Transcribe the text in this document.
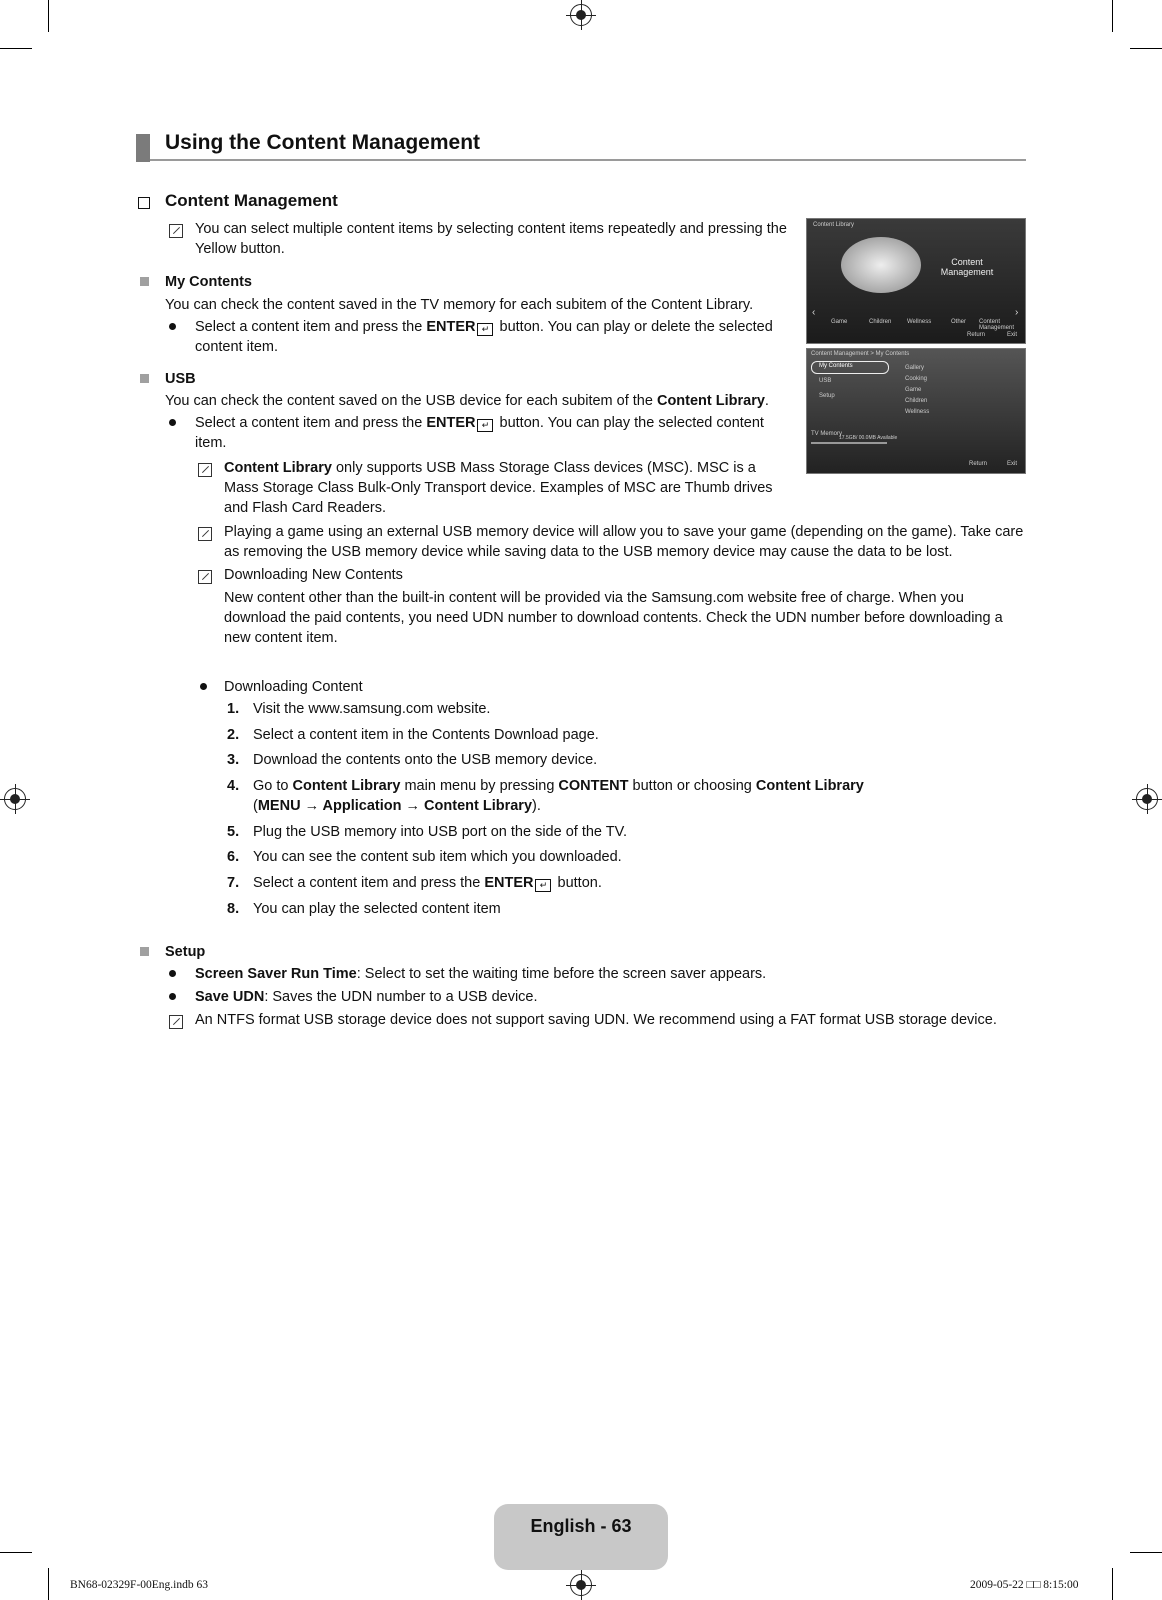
Using the Content Management
Content Management
You can select multiple content items by selecting content items repeatedly and pressing the Yellow button.
My Contents
You can check the content saved in the TV memory for each subitem of the Content Library.
Select a content item and press the ENTER ↵ button. You can play or delete the selected content item.
USB
You can check the content saved on the USB device for each subitem of the Content Library.
Select a content item and press the ENTER ↵ button. You can play the selected content item.
Content Library only supports USB Mass Storage Class devices (MSC). MSC is a Mass Storage Class Bulk-Only Transport device. Examples of MSC are Thumb drives and Flash Card Readers.
Playing a game using an external USB memory device will allow you to save your game (depending on the game). Take care as removing the USB memory device while saving data to the USB memory device may cause the data to be lost.
Downloading New Contents
New content other than the built-in content will be provided via the Samsung.com website free of charge. When you download the paid contents, you need UDN number to download contents. Check the UDN number before downloading a new content item.
Downloading Content
1. Visit the www.samsung.com website.
2. Select a content item in the Contents Download page.
3. Download the contents onto the USB memory device.
4. Go to Content Library main menu by pressing CONTENT button or choosing Content Library
(MENU → Application → Content Library).
5. Plug the USB memory into USB port on the side of the TV.
6. You can see the content sub item which you downloaded.
7. Select a content item and press the ENTER ↵ button.
8. You can play the selected content item
Setup
Screen Saver Run Time: Select to set the waiting time before the screen saver appears.
Save UDN: Saves the UDN number to a USB device.
An NTFS format USB storage device does not support saving UDN. We recommend using a FAT format USB storage device.
Content Library
Content Management
‹	›
Game	Children	Wellness	Other Content Management
Return	Exit
Content Management > My Contents
My Contents
USB
Setup
Gallery
Cooking
Game
Children
Wellness
TV Memory
17.5GB/ 00.0MB Available
Return	Exit
English - 63
BN68-02329F-00Eng.indb 63	2009-05-22 □□ 8:15:00
